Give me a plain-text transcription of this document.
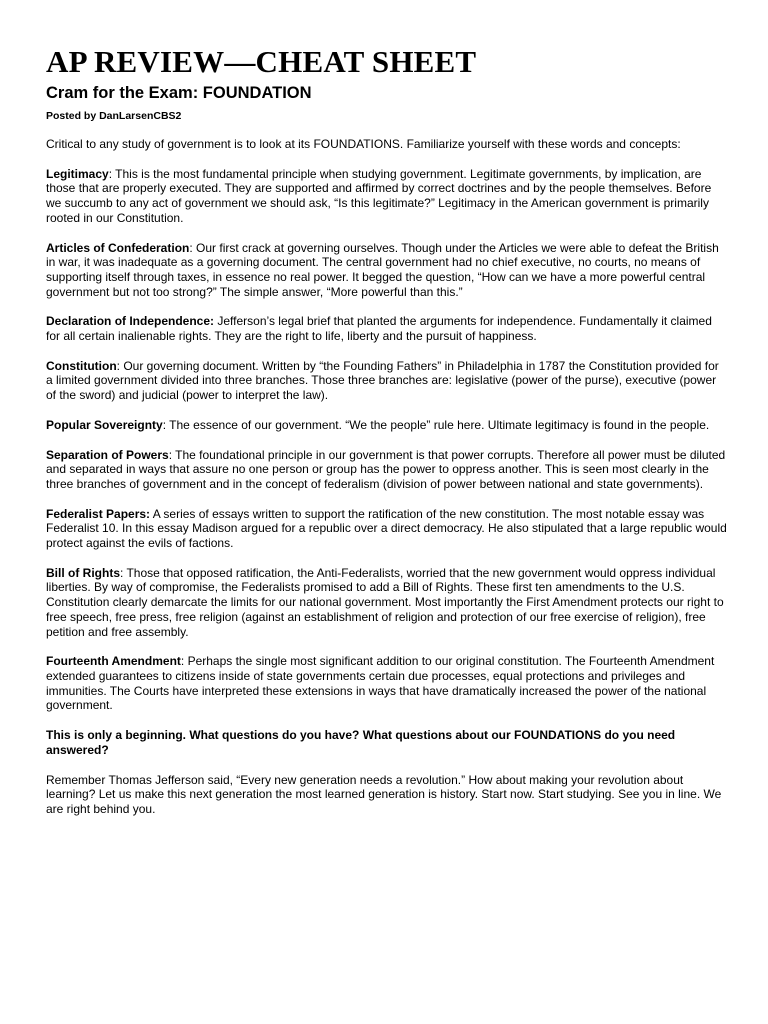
AP REVIEW—CHEAT SHEET
Cram for the Exam: FOUNDATION
Posted by DanLarsenCBS2

Critical to any study of government is to look at its FOUNDATIONS. Familiarize yourself with these words and concepts:

Legitimacy: This is the most fundamental principle when studying government. Legitimate governments, by implication, are those that are properly executed. They are supported and affirmed by correct doctrines and by the people themselves. Before we succumb to any act of government we should ask, “Is this legitimate?” Legitimacy in the American government is primarily rooted in our Constitution.

Articles of Confederation: Our first crack at governing ourselves. Though under the Articles we were able to defeat the British in war, it was inadequate as a governing document. The central government had no chief executive, no courts, no means of supporting itself through taxes, in essence no real power. It begged the question, “How can we have a more powerful central government but not too strong?” The simple answer, “More powerful than this.”

Declaration of Independence: Jefferson’s legal brief that planted the arguments for independence. Fundamentally it claimed for all certain inalienable rights. They are the right to life, liberty and the pursuit of happiness.

Constitution: Our governing document. Written by “the Founding Fathers” in Philadelphia in 1787 the Constitution provided for a limited government divided into three branches. Those three branches are: legislative (power of the purse), executive (power of the sword) and judicial (power to interpret the law).

Popular Sovereignty: The essence of our government. “We the people” rule here. Ultimate legitimacy is found in the people.

Separation of Powers: The foundational principle in our government is that power corrupts. Therefore all power must be diluted and separated in ways that assure no one person or group has the power to oppress another. This is seen most clearly in the three branches of government and in the concept of federalism (division of power between national and state governments).

Federalist Papers: A series of essays written to support the ratification of the new constitution. The most notable essay was Federalist 10. In this essay Madison argued for a republic over a direct democracy. He also stipulated that a large republic would protect against the evils of factions.

Bill of Rights: Those that opposed ratification, the Anti-Federalists, worried that the new government would oppress individual liberties. By way of compromise, the Federalists promised to add a Bill of Rights. These first ten amendments to the U.S. Constitution clearly demarcate the limits for our national government. Most importantly the First Amendment protects our right to free speech, free press, free religion (against an establishment of religion and protection of our free exercise of religion), free petition and free assembly.

Fourteenth Amendment: Perhaps the single most significant addition to our original constitution. The Fourteenth Amendment extended guarantees to citizens inside of state governments certain due processes, equal protections and privileges and immunities. The Courts have interpreted these extensions in ways that have dramatically increased the power of the national government.

This is only a beginning. What questions do you have? What questions about our FOUNDATIONS do you need answered?

Remember Thomas Jefferson said, “Every new generation needs a revolution.” How about making your revolution about learning? Let us make this next generation the most learned generation is history. Start now. Start studying. See you in line. We are right behind you.
